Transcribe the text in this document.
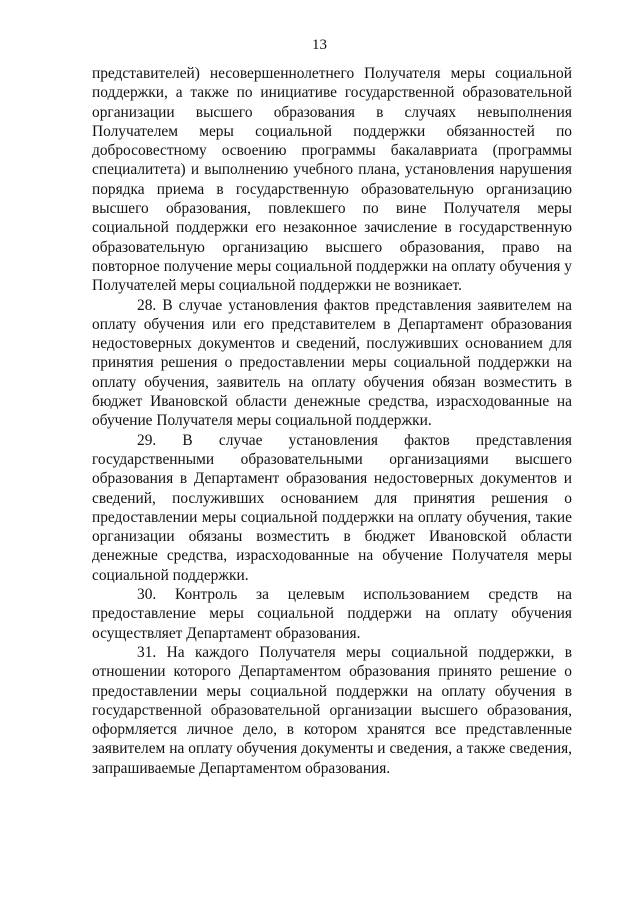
13

представителей) несовершеннолетнего Получателя меры социальной поддержки, а также по инициативе государственной образовательной организации высшего образования в случаях невыполнения Получателем меры социальной поддержки обязанностей по добросовестному освоению программы бакалавриата (программы специалитета) и выполнению учебного плана, установления нарушения порядка приема в государственную образовательную организацию высшего образования, повлекшего по вине Получателя меры социальной поддержки его незаконное зачисление в государственную образовательную организацию высшего образования, право на повторное получение меры социальной поддержки на оплату обучения у Получателей меры социальной поддержки не возникает.

28. В случае установления фактов представления заявителем на оплату обучения или его представителем в Департамент образования недостоверных документов и сведений, послуживших основанием для принятия решения о предоставлении меры социальной поддержки на оплату обучения, заявитель на оплату обучения обязан возместить в бюджет Ивановской области денежные средства, израсходованные на обучение Получателя меры социальной поддержки.

29. В случае установления фактов представления государственными образовательными организациями высшего образования в Департамент образования недостоверных документов и сведений, послуживших основанием для принятия решения о предоставлении меры социальной поддержки на оплату обучения, такие организации обязаны возместить в бюджет Ивановской области денежные средства, израсходованные на обучение Получателя меры социальной поддержки.

30. Контроль за целевым использованием средств на предоставление меры социальной поддержи на оплату обучения осуществляет Департамент образования.

31. На каждого Получателя меры социальной поддержки, в отношении которого Департаментом образования принято решение о предоставлении меры социальной поддержки на оплату обучения в государственной образовательной организации высшего образования, оформляется личное дело, в котором хранятся все представленные заявителем на оплату обучения документы и сведения, а также сведения, запрашиваемые Департаментом образования.
